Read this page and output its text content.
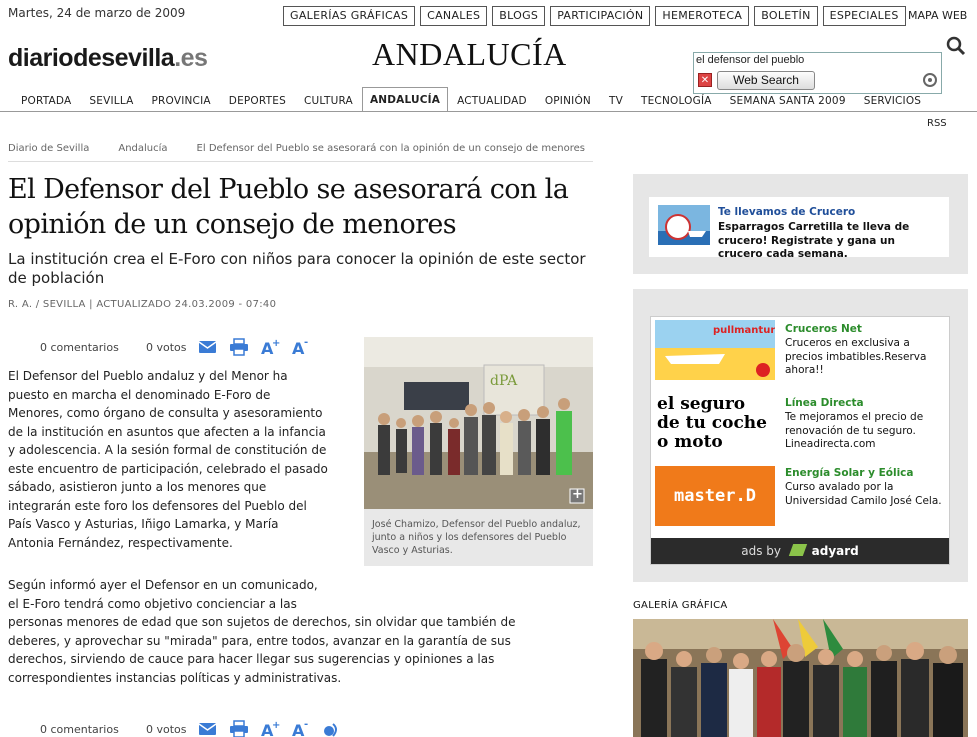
Martes, 24 de marzo de 2009	GALERÍAS GRÁFICAS	CANALES	BLOGS	PARTICIPACIÓN	HEMEROTECA	BOLETÍN	ESPECIALES MAPA WEB
diariodesevilla.es	ANDALUCÍA
el defensor del pueblo
✕	Web Search
PORTADA	SEVILLA	PROVINCIA	DEPORTES	CULTURA	ANDALUCÍA	ACTUALIDAD	OPINIÓN	TV	TECNOLOGÍA	SEMANA SANTA 2009	SERVICIOS
RSS
Diario de Sevilla	Andalucía	El Defensor del Pueblo se asesorará con la opinión de un consejo de menores
El Defensor del Pueblo se asesorará con la opinión de un consejo de menores
La institución crea el E-Foro con niños para conocer la opinión de este sector de población
R. A. / SEVILLA | ACTUALIZADO 24.03.2009 - 07:40
0 comentarios	0 votos	A
+ A -
dPA
+
José Chamizo, Defensor del Pueblo andaluz, junto a niños y los defensores del Pueblo Vasco y Asturias.
El Defensor del Pueblo andaluz y del Menor ha
puesto en marcha el denominado E-Foro de
Menores, como órgano de consulta y asesoramiento
de la institución en asuntos que afecten a la infancia
y adolescencia. A la sesión formal de constitución de
este encuentro de participación, celebrado el pasado
sábado, asistieron junto a los menores que
integrarán este foro los defensores del Pueblo del
País Vasco y Asturias, Iñigo Lamarka, y María
Antonia Fernández, respectivamente.
Según informó ayer el Defensor en un comunicado,
el E-Foro tendrá como objetivo concienciar a las
personas menores de edad que son sujetos de derechos, sin olvidar que también de
deberes, y aprovechar su "mirada" para, entre todos, avanzar en la garantía de sus
derechos, sirviendo de cauce para hacer llegar sus sugerencias y opiniones a las
correspondientes instancias políticas y administrativas.
0 comentarios	0 votos	A
+ A -
Te llevamos de Crucero
Esparragos Carretilla te lleva de crucero! Registrate y gana un crucero cada semana.
pullmantur Cruceros Net
Cruceros en exclusiva a precios imbatibles.Reserva ahora!!
el seguro de tu coche o moto
Línea Directa
Te mejoramos el precio de renovación de tu seguro. Lineadirecta.com
master.D
Energía Solar y Eólica
Curso avalado por la Universidad Camilo José Cela.
ads by	adyard
GALERÍA GRÁFICA
